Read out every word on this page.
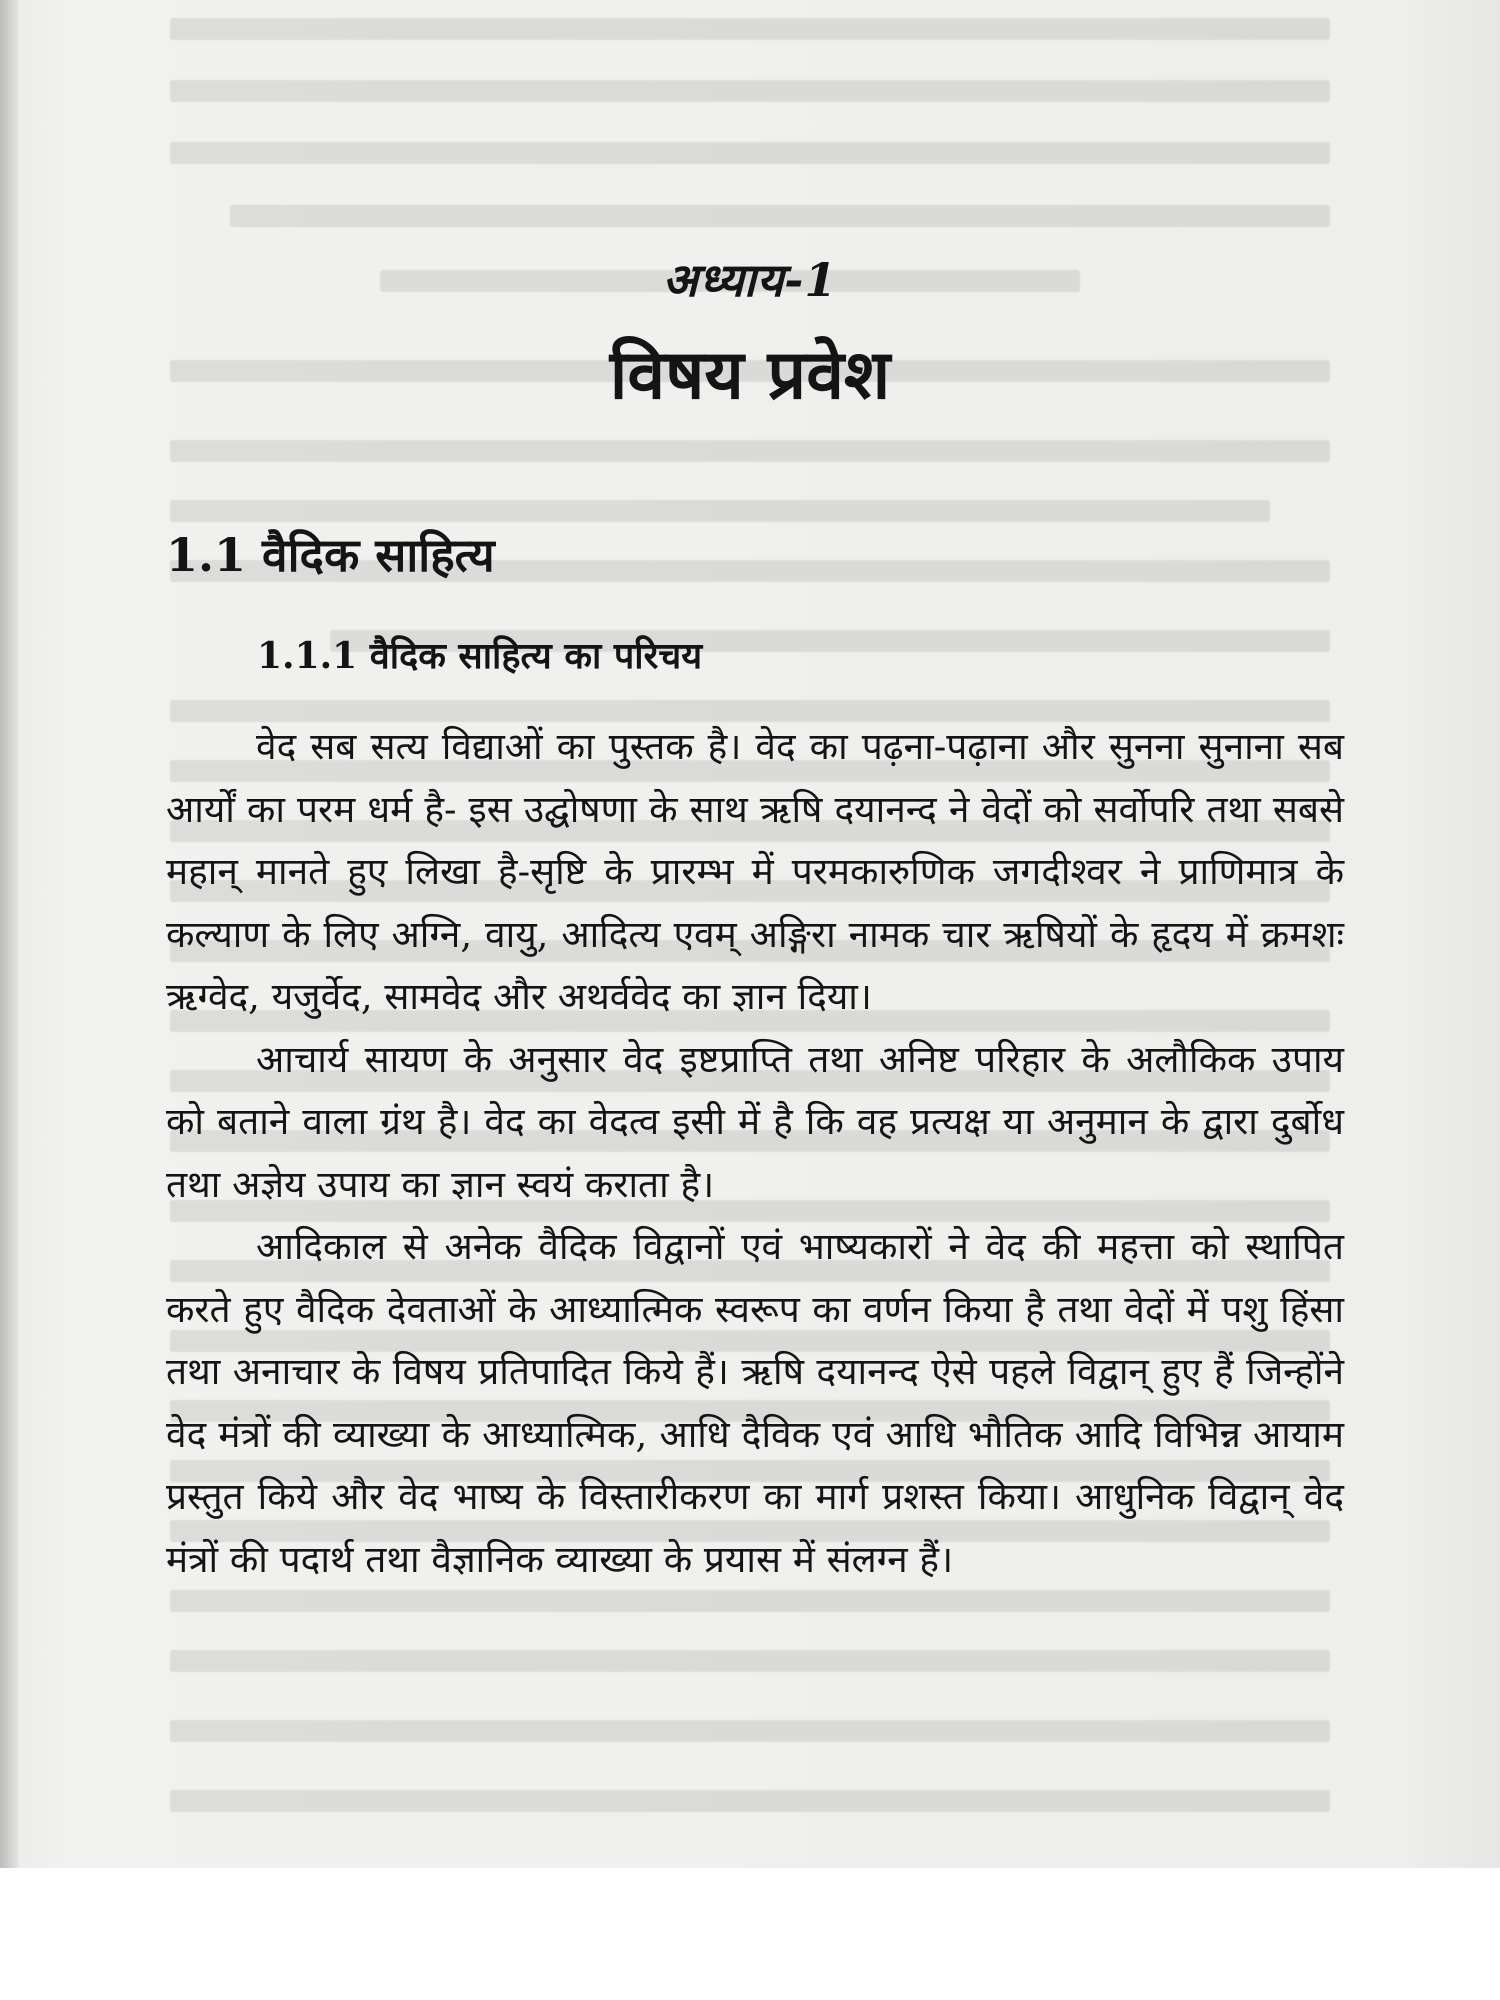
अध्याय-1
विषय प्रवेश
1.1 वैदिक साहित्य
1.1.1 वैदिक साहित्य का परिचय

वेद सब सत्य विद्याओं का पुस्तक है। वेद का पढ़ना-पढ़ाना और सुनना सुनाना सब आर्यों का परम धर्म है- इस उद्घोषणा के साथ ऋषि दयानन्द ने वेदों को सर्वोपरि तथा सबसे महान् मानते हुए लिखा है-सृष्टि के प्रारम्भ में परमकारुणिक जगदीश्वर ने प्राणिमात्र के कल्याण के लिए अग्नि, वायु, आदित्य एवम् अङ्गिरा नामक चार ऋषियों के हृदय में क्रमशः ऋग्वेद, यजुर्वेद, सामवेद और अथर्ववेद का ज्ञान दिया।

आचार्य सायण के अनुसार वेद इष्टप्राप्ति तथा अनिष्ट परिहार के अलौकिक उपाय को बताने वाला ग्रंथ है। वेद का वेदत्व इसी में है कि वह प्रत्यक्ष या अनुमान के द्वारा दुर्बोध तथा अज्ञेय उपाय का ज्ञान स्वयं कराता है।

आदिकाल से अनेक वैदिक विद्वानों एवं भाष्यकारों ने वेद की महत्ता को स्थापित करते हुए वैदिक देवताओं के आध्यात्मिक स्वरूप का वर्णन किया है तथा वेदों में पशु हिंसा तथा अनाचार के विषय प्रतिपादित किये हैं। ऋषि दयानन्द ऐसे पहले विद्वान् हुए हैं जिन्होंने वेद मंत्रों की व्याख्या के आध्यात्मिक, आधि दैविक एवं आधि भौतिक आदि विभिन्न आयाम प्रस्तुत किये और वेद भाष्य के विस्तारीकरण का मार्ग प्रशस्त किया। आधुनिक विद्वान् वेद मंत्रों की पदार्थ तथा वैज्ञानिक व्याख्या के प्रयास में संलग्न हैं।
